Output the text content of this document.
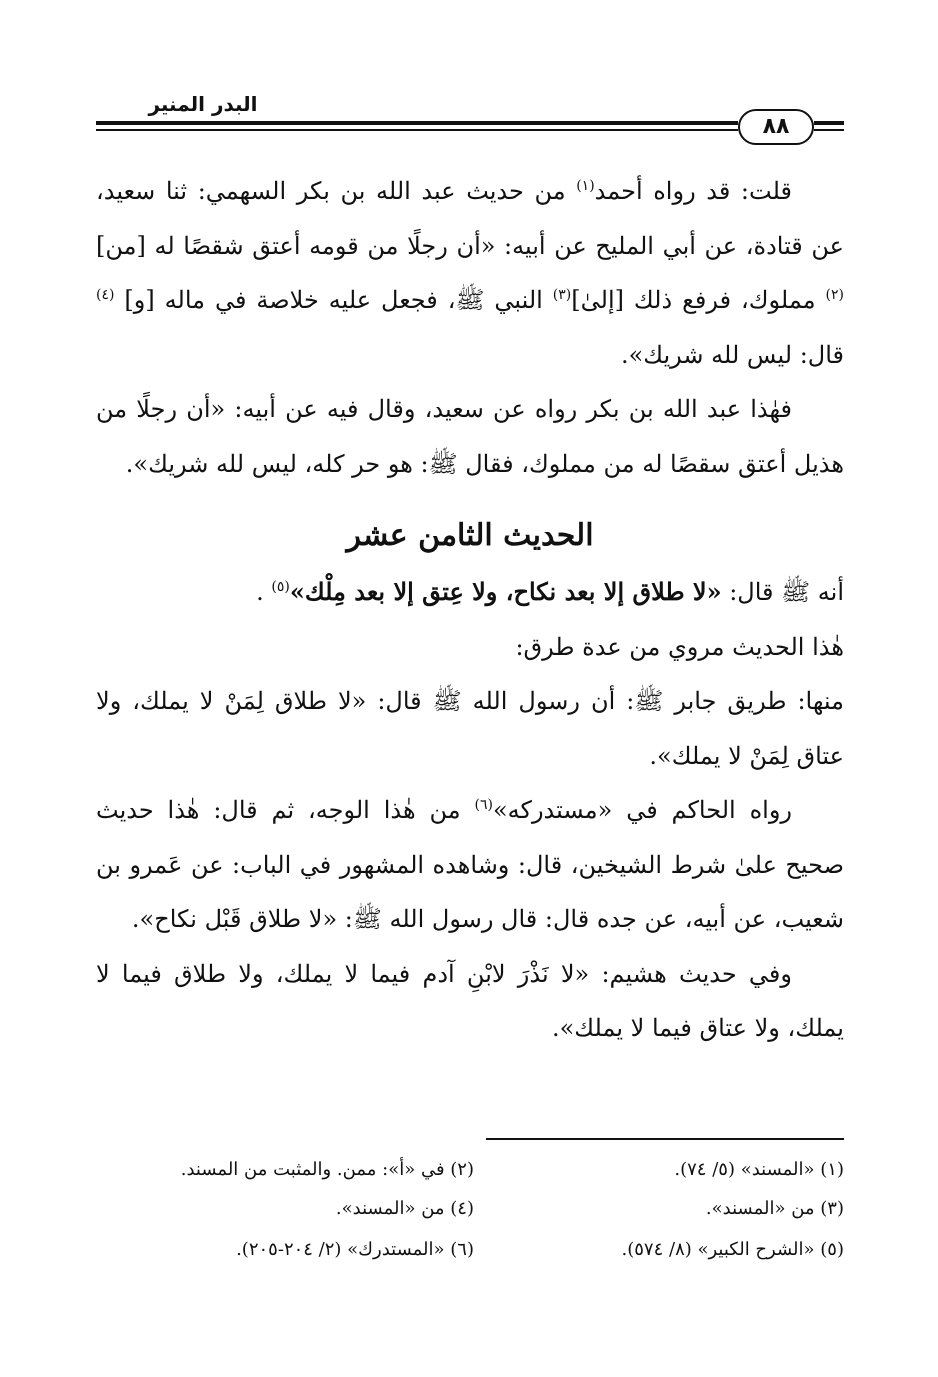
البدر المنير
٨٨

قلت: قد رواه أحمد$^{(١)}$ من حديث عبد الله بن بكر السهمي: ثنا سعيد، عن قتادة، عن أبي المليح عن أبيه: «أن رجلًا من قومه أعتق شقصًا له [من]$^{(٢)}$ مملوك، فرفع ذلك [إلىٰ]$^{(٣)}$ النبي ﷺ، فجعل عليه خلاصة في ماله [و] $^{(٤)}$ قال: ليس لله شريك».

فهٰذا عبد الله بن بكر رواه عن سعيد، وقال فيه عن أبيه: «أن رجلًا من هذيل أعتق سقصًا له من مملوك، فقال ﷺ: هو حر كله، ليس لله شريك».

الحديث الثامن عشر

أنه ﷺ قال: «لا طلاق إلا بعد نكاح، ولا عِتق إلا بعد مِلْك»$^{(٥)}$ .

هٰذا الحديث مروي من عدة طرق:

منها: طريق جابر ﷺ: أن رسول الله ﷺ قال: «لا طلاق لِمَنْ لا يملك، ولا عتاق لِمَنْ لا يملك».

رواه الحاكم في «مستدركه»$^{(٦)}$ من هٰذا الوجه، ثم قال: هٰذا حديث صحيح علىٰ شرط الشيخين، قال: وشاهده المشهور في الباب: عن عَمرو بن شعيب، عن أبيه، عن جده قال: قال رسول الله ﷺ: «لا طلاق قَبْل نكاح».

وفي حديث هشيم: «لا نَذْرَ لابْنِ آدم فيما لا يملك، ولا طلاق فيما لا يملك، ولا عتاق فيما لا يملك».

(١) «المسند» (٥/ ٧٤).
(٢) في «أ»: ممن. والمثبت من المسند.
(٣) من «المسند».
(٤) من «المسند».
(٥) «الشرح الكبير» (٨/ ٥٧٤).
(٦) «المستدرك» (٢/ ٢٠٤-٢٠٥).
